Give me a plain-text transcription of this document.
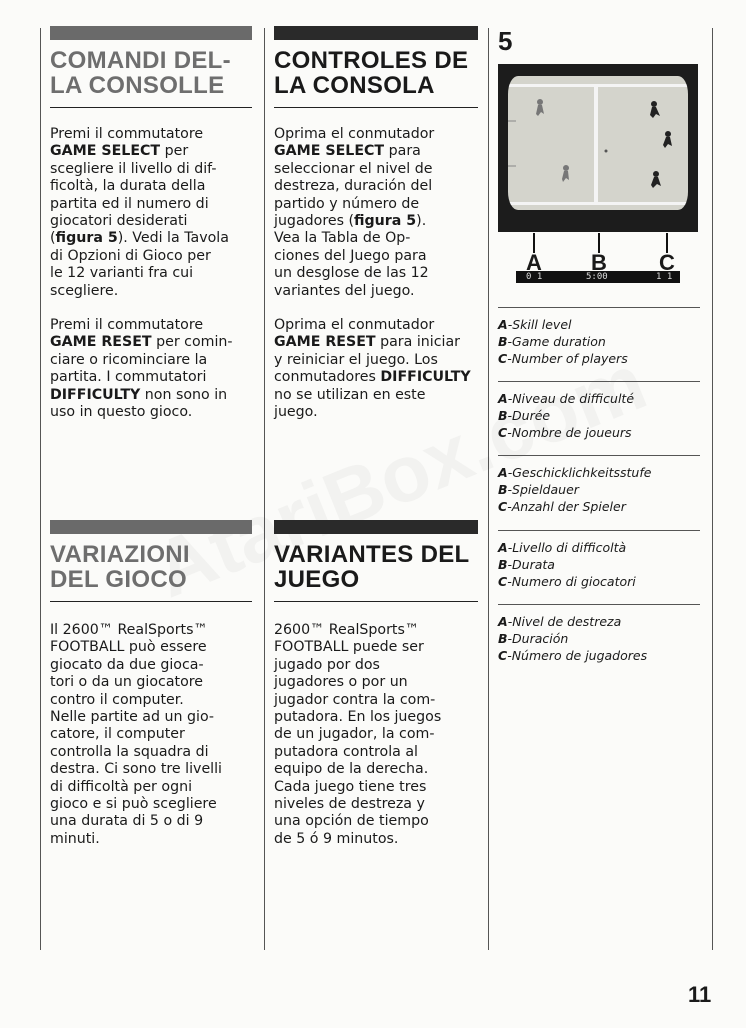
COMANDI DEL-
LA CONSOLLE

Premi il commutatore
GAME SELECT per
scegliere il livello di dif-
ficoltà, la durata della
partita ed il numero di
giocatori desiderati
(figura 5). Vedi la Tavola
di Opzioni di Gioco per
le 12 varianti fra cui
scegliere.

Premi il commutatore
GAME RESET per comin-
ciare o ricominciare la
partita. I commutatori
DIFFICULTY non sono in
uso in questo gioco.

VARIAZIONI
DEL GIOCO

Il 2600™ RealSports™
FOOTBALL può essere
giocato da due gioca-
tori o da un giocatore
contro il computer.
Nelle partite ad un gio-
catore, il computer
controlla la squadra di
destra. Ci sono tre livelli
di difficoltà per ogni
gioco e si può scegliere
una durata di 5 o di 9
minuti.

CONTROLES DE
LA CONSOLA

Oprima el conmutador
GAME SELECT para
seleccionar el nivel de
destreza, duración del
partido y número de
jugadores (figura 5).
Vea la Tabla de Op-
ciones del Juego para
un desglose de las 12
variantes del juego.

Oprima el conmutador
GAME RESET para iniciar
y reiniciar el juego. Los
conmutadores DIFFICULTY
no se utilizan en este
juego.

VARIANTES DEL
JUEGO

2600™ RealSports™
FOOTBALL puede ser
jugado por dos
jugadores o por un
jugador contra la com-
putadora. En los juegos
de un jugador, la com-
putadora controla al
equipo de la derecha.
Cada juego tiene tres
niveles de destreza y
una opción de tiempo
de 5 ó 9 minutos.

5
0 1	5:00	1 1
A B C
A-Skill level
B-Game duration
C-Number of players
A-Niveau de difficulté
B-Durée
C-Nombre de joueurs
A-Geschicklichkeitsstufe
B-Spieldauer
C-Anzahl der Spieler
A-Livello di difficoltà
B-Durata
C-Numero di giocatori
A-Nivel de destreza
B-Duración
C-Número de jugadores
11
